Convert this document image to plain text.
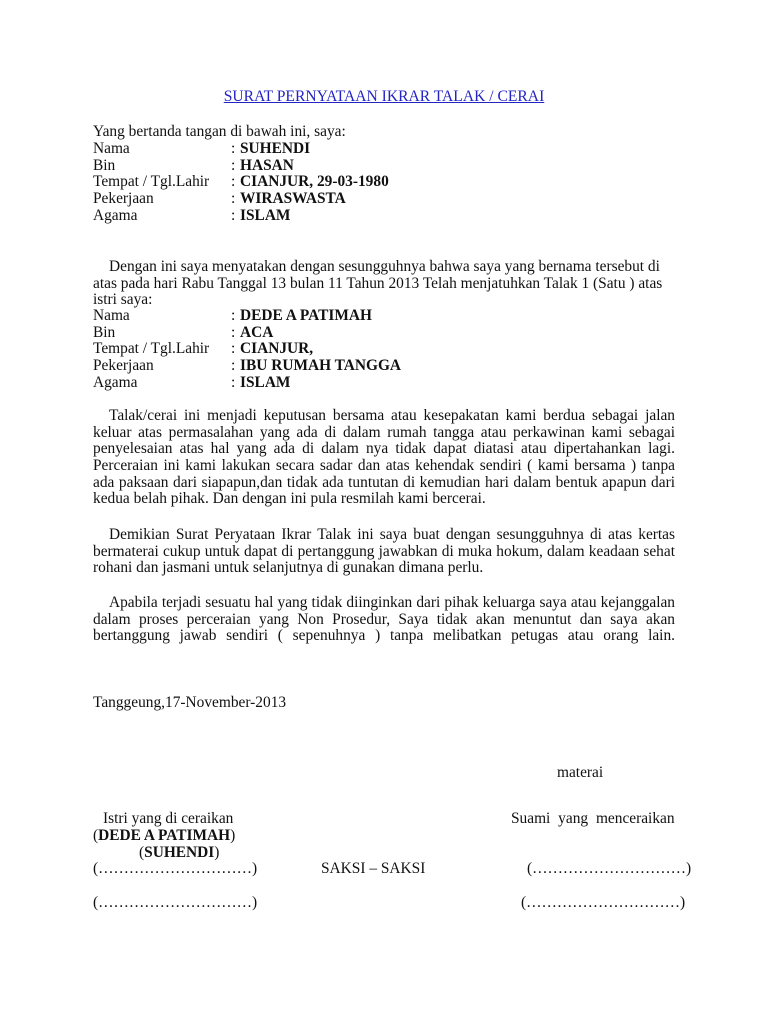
SURAT PERNYATAAN IKRAR TALAK / CERAI
Yang bertanda tangan di bawah ini, saya:
Nama	: SUHENDI
Bin	: HASAN
Tempat / Tgl.Lahir : CIANJUR, 29-03-1980
Pekerjaan	: WIRASWASTA
Agama	: ISLAM
Dengan ini saya menyatakan dengan sesungguhnya bahwa saya yang bernama tersebut di
atas pada hari Rabu Tanggal 13 bulan 11 Tahun 2013 Telah menjatuhkan Talak 1 (Satu ) atas
istri saya:
Nama	: DEDE A PATIMAH
Bin	: ACA
Tempat / Tgl.Lahir : CIANJUR,
Pekerjaan	: IBU RUMAH TANGGA
Agama	: ISLAM
Talak/cerai ini menjadi keputusan bersama atau kesepakatan kami berdua sebagai jalan
keluar atas permasalahan yang ada di dalam rumah tangga atau perkawinan kami sebagai
penyelesaian atas hal yang ada di dalam nya tidak dapat diatasi atau dipertahankan lagi.
Perceraian ini kami lakukan secara sadar dan atas kehendak sendiri ( kami bersama ) tanpa
ada paksaan dari siapapun,dan tidak ada tuntutan di kemudian hari dalam bentuk apapun dari
kedua belah pihak. Dan dengan ini pula resmilah kami bercerai.
Demikian Surat Peryataan Ikrar Talak ini saya buat dengan sesungguhnya di atas kertas
bermaterai cukup untuk dapat di pertanggung jawabkan di muka hokum, dalam keadaan sehat
rohani dan jasmani untuk selanjutnya di gunakan dimana perlu.
Apabila terjadi sesuatu hal yang tidak diinginkan dari pihak keluarga saya atau kejanggalan
dalam proses perceraian yang Non Prosedur, Saya tidak akan menuntut dan saya akan
bertanggung jawab sendiri ( sepenuhnya ) tanpa melibatkan petugas atau orang lain.
Tanggeung,17-November-2013
materai
Istri yang di ceraikan	Suami yang menceraikan
(DEDE A PATIMAH)
(SUHENDI)
(…………………………)	SAKSI – SAKSI	(…………………………)
(…………………………)	(…………………………)
